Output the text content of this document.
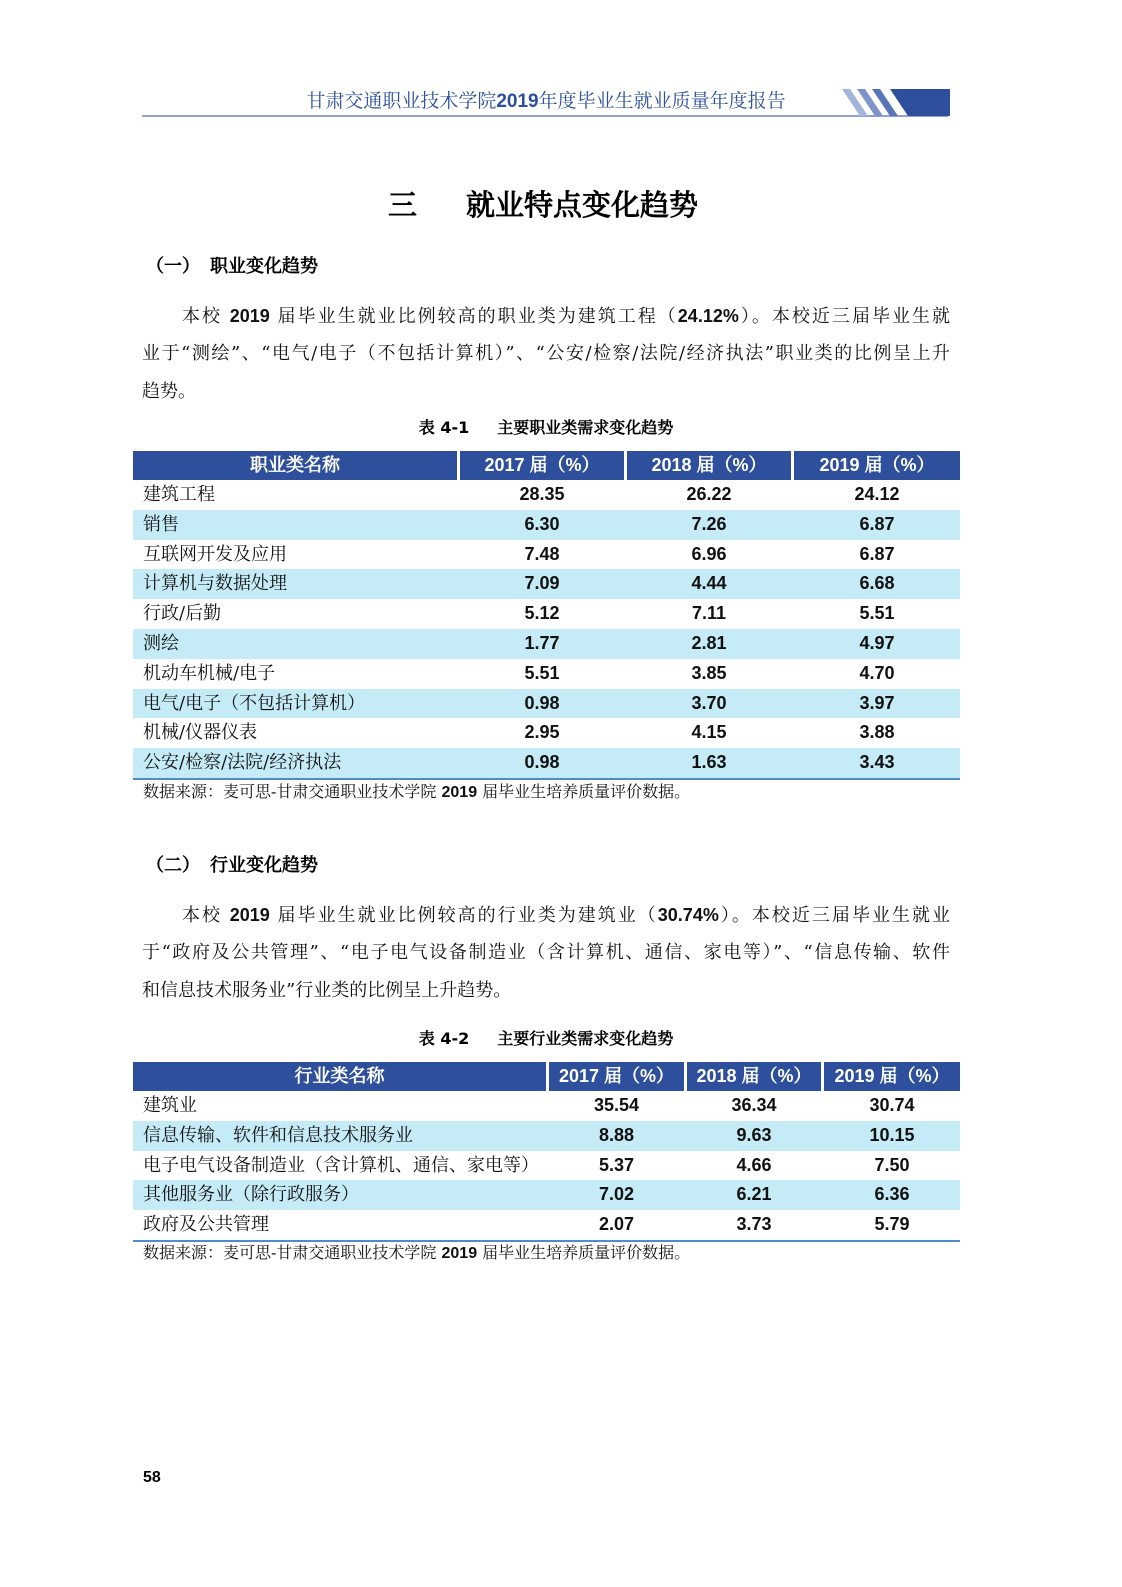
甘肃交通职业技术学院2019年度毕业生就业质量年度报告
三 就业特点变化趋势
（一） 职业变化趋势
本校 2019 届毕业生就业比例较高的职业类为建筑工程（24.12%）。本校近三届毕业生就
业于“测绘”、“电气/电子（不包括计算机）”、“公安/检察/法院/经济执法”职业类的比例呈上升
趋势。
表 4-1 主要职业类需求变化趋势
职业类名称	2017 届（%）	2018 届（%）	2019 届（%）
建筑工程	28.35	26.22	24.12
销售	6.30	7.26	6.87
互联网开发及应用	7.48	6.96	6.87
计算机与数据处理	7.09	4.44	6.68
行政/后勤	5.12	7.11	5.51
测绘	1.77	2.81	4.97
机动车机械/电子	5.51	3.85	4.70
电气/电子（不包括计算机）	0.98	3.70	3.97
机械/仪器仪表	2.95	4.15	3.88
公安/检察/法院/经济执法	0.98	1.63	3.43
数据来源：麦可思-甘肃交通职业技术学院 2019 届毕业生培养质量评价数据。
（二） 行业变化趋势
本校 2019 届毕业生就业比例较高的行业类为建筑业（30.74%）。本校近三届毕业生就业
于“政府及公共管理”、“电子电气设备制造业（含计算机、通信、家电等）”、“信息传输、软件
和信息技术服务业”行业类的比例呈上升趋势。
表 4-2 主要行业类需求变化趋势
行业类名称	2017 届（%）	2018 届（%）	2019 届（%）
建筑业	35.54	36.34	30.74
信息传输、软件和信息技术服务业	8.88	9.63	10.15
电子电气设备制造业（含计算机、通信、家电等）	5.37	4.66	7.50
其他服务业（除行政服务）	7.02	6.21	6.36
政府及公共管理	2.07	3.73	5.79
数据来源：麦可思-甘肃交通职业技术学院 2019 届毕业生培养质量评价数据。
58
